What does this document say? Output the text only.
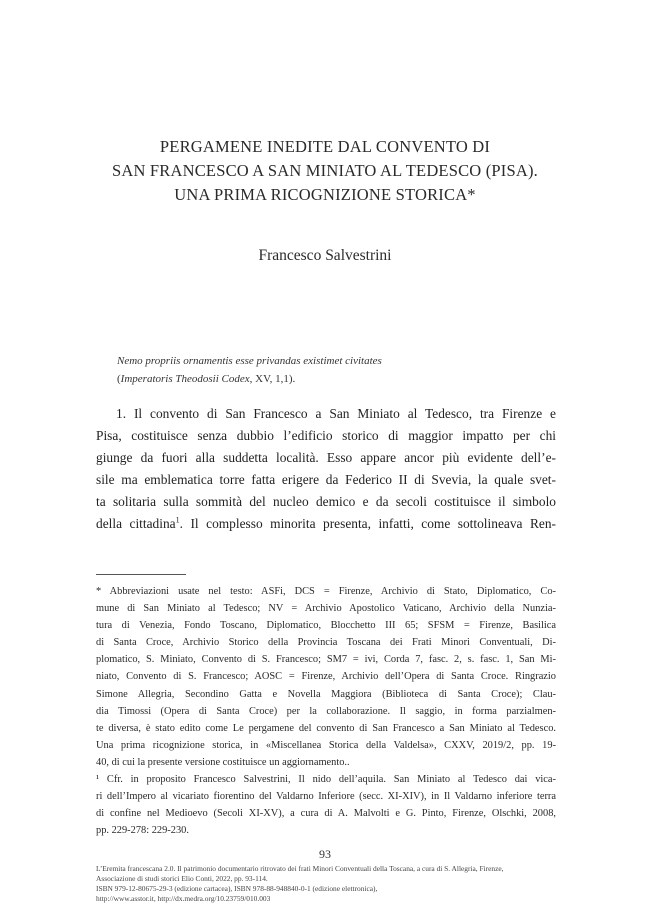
PERGAMENE INEDITE DAL CONVENTO DI
SAN FRANCESCO A SAN MINIATO AL TEDESCO (PISA).
UNA PRIMA RICOGNIZIONE STORICA*
Francesco Salvestrini
Nemo propriis ornamentis esse privandas existimet civitates
(Imperatoris Theodosii Codex, XV, 1,1).
1. Il convento di San Francesco a San Miniato al Tedesco, tra Firenze e
Pisa, costituisce senza dubbio l’edificio storico di maggior impatto per chi
giunge da fuori alla suddetta località. Esso appare ancor più evidente dell’e-
sile ma emblematica torre fatta erigere da Federico II di Svevia, la quale svet-
ta solitaria sulla sommità del nucleo demico e da secoli costituisce il simbolo
della cittadina$^1$. Il complesso minorita presenta, infatti, come sottolineava Ren-
* Abbreviazioni usate nel testo: ASFi, DCS = Firenze, Archivio di Stato, Diplomatico, Co-
mune di San Miniato al Tedesco; NV = Archivio Apostolico Vaticano, Archivio della Nunzia-
tura di Venezia, Fondo Toscano, Diplomatico, Blocchetto III 65; SFSM = Firenze, Basilica
di Santa Croce, Archivio Storico della Provincia Toscana dei Frati Minori Conventuali, Di-
plomatico, S. Miniato, Convento di S. Francesco; SM7 = ivi, Corda 7, fasc. 2, s. fasc. 1, San Mi-
niato, Convento di S. Francesco; AOSC = Firenze, Archivio dell’Opera di Santa Croce. Ringrazio
Simone Allegria, Secondino Gatta e Novella Maggiora (Biblioteca di Santa Croce); Clau-
dia Timossi (Opera di Santa Croce) per la collaborazione. Il saggio, in forma parzialmen-
te diversa, è stato edito come Le pergamene del convento di San Francesco a San Miniato al Tedesco.
Una prima ricognizione storica, in «Miscellanea Storica della Valdelsa», CXXV, 2019/2, pp. 19-
40, di cui la presente versione costituisce un aggiornamento..
¹ Cfr. in proposito Francesco Salvestrini, Il nido dell’aquila. San Miniato al Tedesco dai vica-
ri dell’Impero al vicariato fiorentino del Valdarno Inferiore (secc. XI-XIV), in Il Valdarno inferiore terra
di confine nel Medioevo (Secoli XI-XV), a cura di A. Malvolti e G. Pinto, Firenze, Olschki, 2008,
pp. 229-278: 229-230.
93
L’Eremita francescana 2.0. Il patrimonio documentario ritrovato dei frati Minori Conventuali della Toscana, a cura di S. Allegria, Firenze,
Associazione di studi storici Elio Conti, 2022, pp. 93-114.
ISBN 979-12-80675-29-3 (edizione cartacea), ISBN 978-88-948840-0-1 (edizione elettronica),
http://www.asstor.it, http://dx.medra.org/10.23759/010.003
